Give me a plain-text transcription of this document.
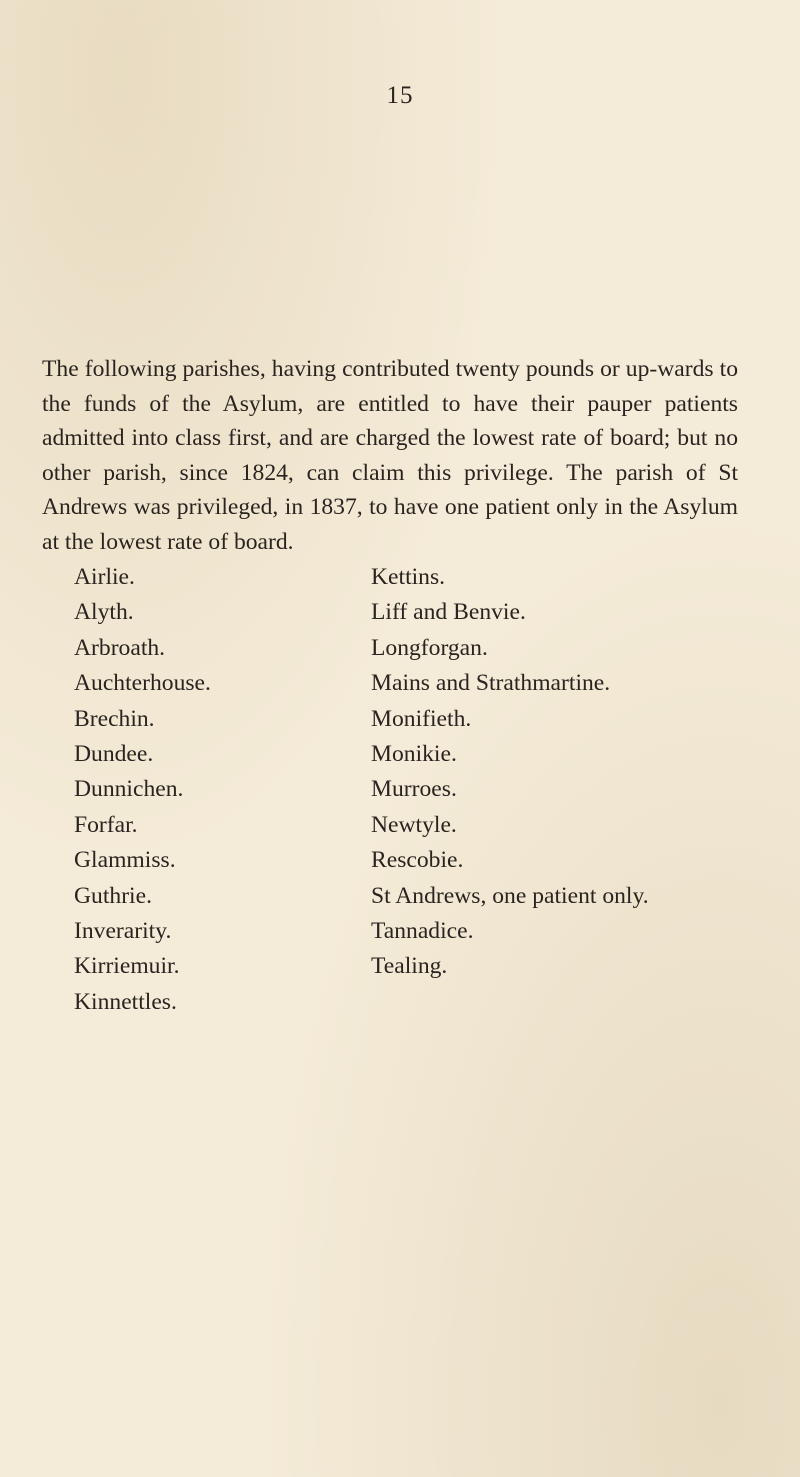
15

The following parishes, having contributed twenty pounds or up-wards to the funds of the Asylum, are entitled to have their pauper patients admitted into class first, and are charged the lowest rate of board; but no other parish, since 1824, can claim this privilege. The parish of St Andrews was privileged, in 1837, to have one patient only in the Asylum at the lowest rate of board.

Airlie.
Alyth.
Arbroath.
Auchterhouse.
Brechin.
Dundee.
Dunnichen.
Forfar.
Glammiss.
Guthrie.
Inverarity.
Kirriemuir.
Kinnettles.
Kettins.
Liff and Benvie.
Longforgan.
Mains and Strathmartine.
Monifieth.
Monikie.
Murroes.
Newtyle.
Rescobie.
St Andrews, one patient only.
Tannadice.
Tealing.
